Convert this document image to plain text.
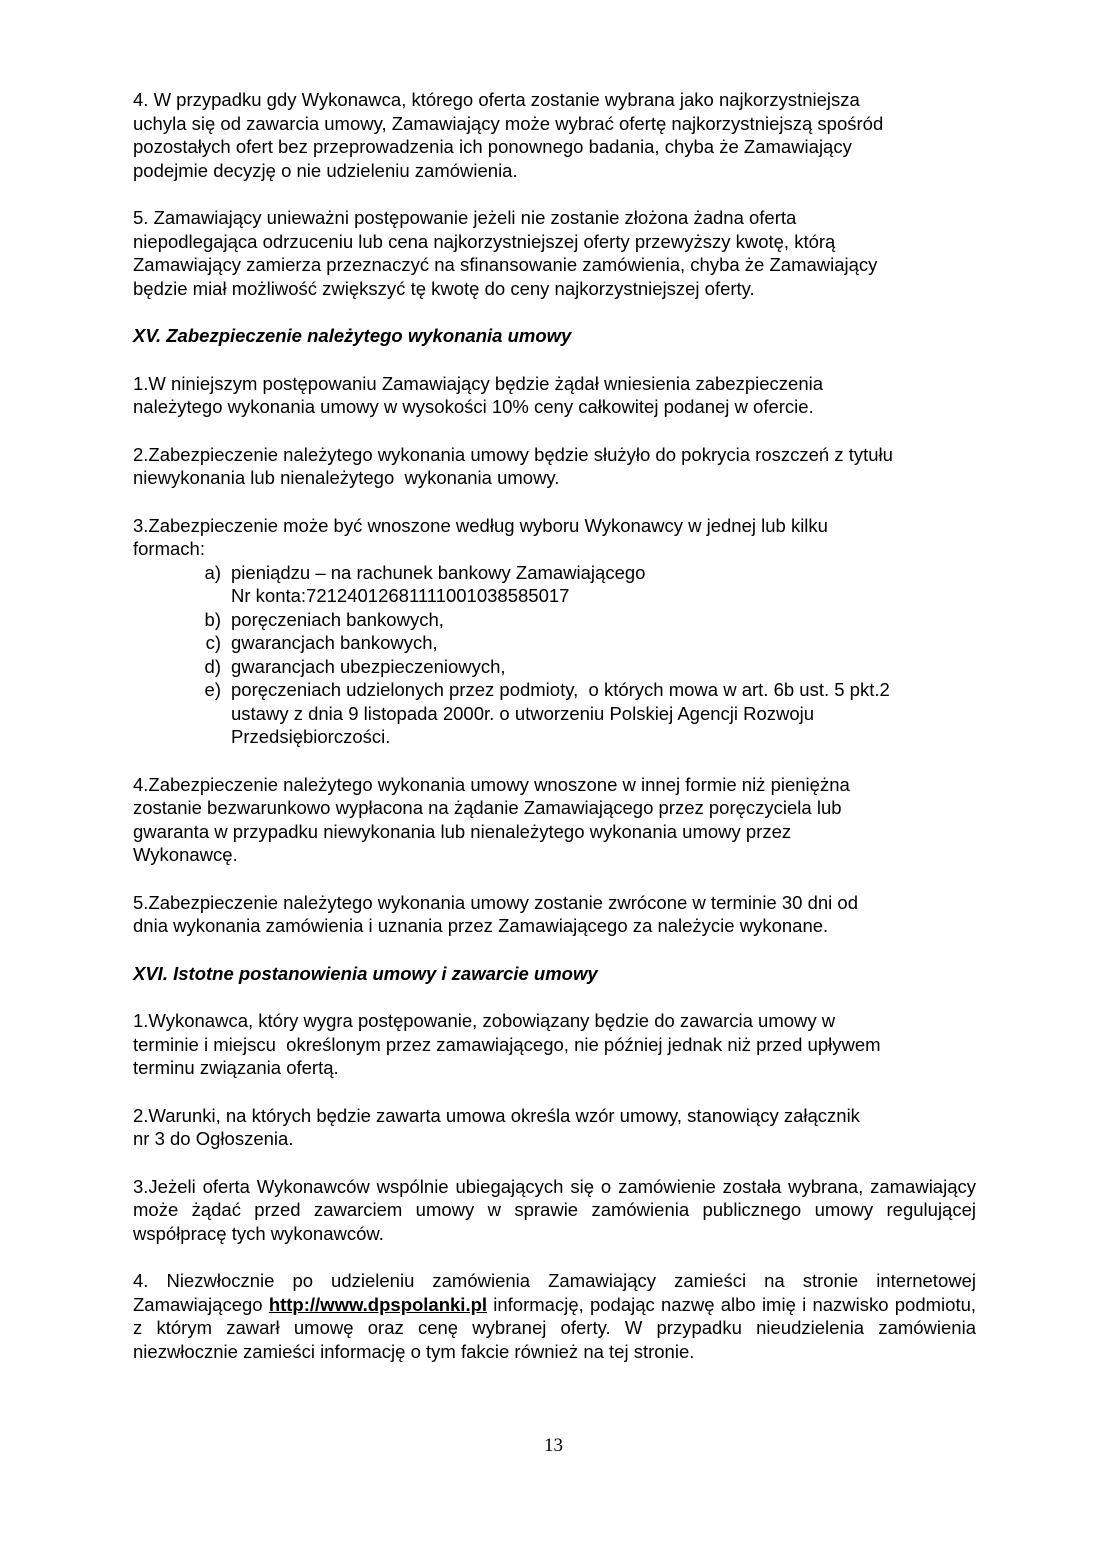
4. W przypadku gdy Wykonawca, którego oferta zostanie wybrana jako najkorzystniejsza
uchyla się od zawarcia umowy, Zamawiający może wybrać ofertę najkorzystniejszą spośród
pozostałych ofert bez przeprowadzenia ich ponownego badania, chyba że Zamawiający
podejmie decyzję o nie udzieleniu zamówienia.
5. Zamawiający unieważni postępowanie jeżeli nie zostanie złożona żadna oferta
niepodlegająca odrzuceniu lub cena najkorzystniejszej oferty przewyższy kwotę, którą
Zamawiający zamierza przeznaczyć na sfinansowanie zamówienia, chyba że Zamawiający
będzie miał możliwość zwiększyć tę kwotę do ceny najkorzystniejszej oferty.
XV. Zabezpieczenie należytego wykonania umowy
1.W niniejszym postępowaniu Zamawiający będzie żądał wniesienia zabezpieczenia
należytego wykonania umowy w wysokości 10% ceny całkowitej podanej w ofercie.
2.Zabezpieczenie należytego wykonania umowy będzie służyło do pokrycia roszczeń z tytułu
niewykonania lub nienależytego  wykonania umowy.
3.Zabezpieczenie może być wnoszone według wyboru Wykonawcy w jednej lub kilku
formach:
a) pieniądzu – na rachunek bankowy Zamawiającego
Nr konta:72124012681111001038585017
b) poręczeniach bankowych,
c) gwarancjach bankowych,
d) gwarancjach ubezpieczeniowych,
e) poręczeniach udzielonych przez podmioty,  o których mowa w art. 6b ust. 5 pkt.2
ustawy z dnia 9 listopada 2000r. o utworzeniu Polskiej Agencji Rozwoju
Przedsiębiorczości.
4.Zabezpieczenie należytego wykonania umowy wnoszone w innej formie niż pieniężna
zostanie bezwarunkowo wypłacona na żądanie Zamawiającego przez poręczyciela lub
gwaranta w przypadku niewykonania lub nienależytego wykonania umowy przez
Wykonawcę.
5.Zabezpieczenie należytego wykonania umowy zostanie zwrócone w terminie 30 dni od
dnia wykonania zamówienia i uznania przez Zamawiającego za należycie wykonane.
XVI. Istotne postanowienia umowy i zawarcie umowy
1.Wykonawca, który wygra postępowanie, zobowiązany będzie do zawarcia umowy w
terminie i miejscu  określonym przez zamawiającego, nie później jednak niż przed upływem
terminu związania ofertą.
2.Warunki, na których będzie zawarta umowa określa wzór umowy, stanowiący załącznik
nr 3 do Ogłoszenia.
3.Jeżeli oferta Wykonawców wspólnie ubiegających się o zamówienie została wybrana, zamawiający może żądać przed zawarciem umowy w sprawie zamówienia publicznego umowy regulującej współpracę tych wykonawców.
4. Niezwłocznie po udzieleniu zamówienia Zamawiający zamieści na stronie internetowej Zamawiającego http://www.dpspolanki.pl informację, podając nazwę albo imię i nazwisko podmiotu, z którym zawarł umowę oraz cenę wybranej oferty. W przypadku nieudzielenia zamówienia niezwłocznie zamieści informację o tym fakcie również na tej stronie.
13
